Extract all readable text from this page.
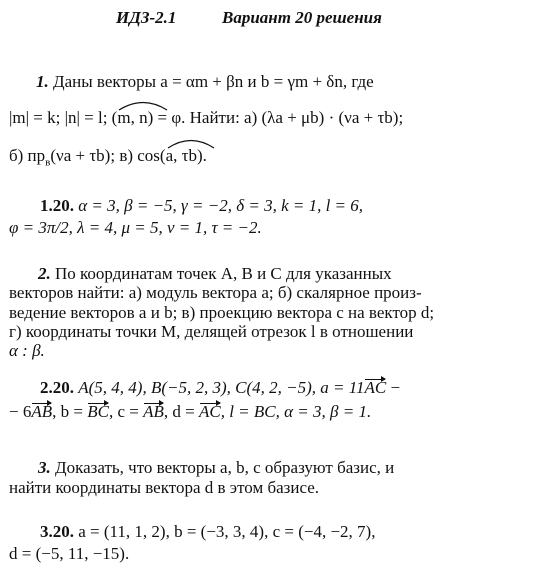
ИДЗ-2.1	Вариант 20 решения
1. Даны векторы a = αm + βn и b = γm + δn, где
|m| = k; |n| = l; (
m, n) = φ. Найти: а) (λa + μb) · (νa + τb);
б) $пр_в(\nu a + \tau b)$; в) cos(
a, τb).
1.20. α = 3, β = −5, γ = −2, δ = 3, k = 1, l = 6,
φ = 3π/2, λ = 4, μ = 5, ν = 1, τ = −2.
2. По координатам точек A, B и C для указанных
векторов найти: а) модуль вектора a; б) скалярное произ-
ведение векторов a и b; в) проекцию вектора c на вектор d;
г) координаты точки M, делящей отрезок l в отношении
α : β.
2.20. A(5, 4, 4), B(−5, 2, 3), C(4, 2, −5), a = 11AC −
− 6AB, b = BC, c = AB, d = AC, l = BC, α = 3, β = 1.
3. Доказать, что векторы a, b, c образуют базис, и
найти координаты вектора d в этом базисе.
3.20. a = (11, 1, 2), b = (−3, 3, 4), c = (−4, −2, 7),
d = (−5, 11, −15).
